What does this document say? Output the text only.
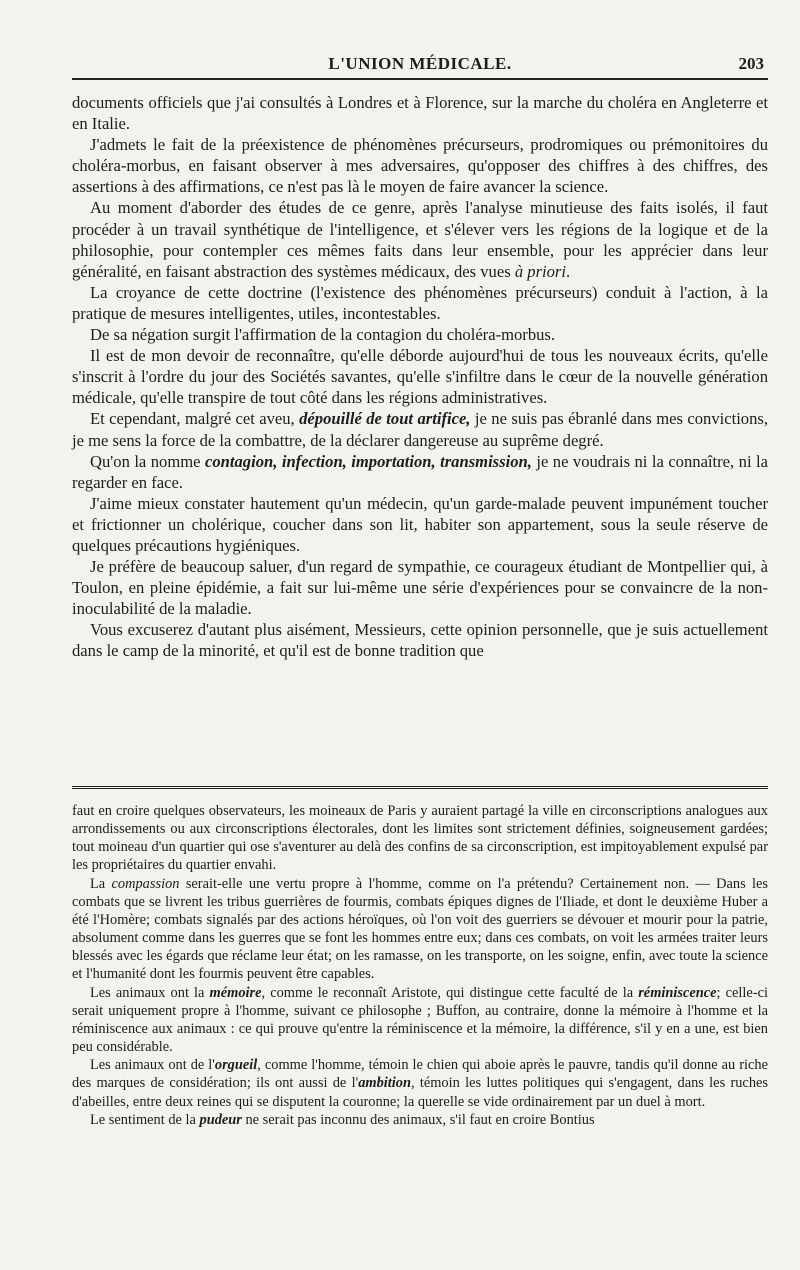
L'UNION MÉDICALE.	203

documents officiels que j'ai consultés à Londres et à Florence, sur la marche du choléra en Angleterre et en Italie.

J'admets le fait de la préexistence de phénomènes précurseurs, prodromiques ou prémonitoires du choléra-morbus, en faisant observer à mes adversaires, qu'opposer des chiffres à des chiffres, des assertions à des affirmations, ce n'est pas là le moyen de faire avancer la science.

Au moment d'aborder des études de ce genre, après l'analyse minutieuse des faits isolés, il faut procéder à un travail synthétique de l'intelligence, et s'élever vers les régions de la logique et de la philosophie, pour contempler ces mêmes faits dans leur ensemble, pour les apprécier dans leur généralité, en faisant abstraction des systèmes médicaux, des vues à priori.

La croyance de cette doctrine (l'existence des phénomènes précurseurs) conduit à l'action, à la pratique de mesures intelligentes, utiles, incontestables.

De sa négation surgit l'affirmation de la contagion du choléra-morbus.

Il est de mon devoir de reconnaître, qu'elle déborde aujourd'hui de tous les nouveaux écrits, qu'elle s'inscrit à l'ordre du jour des Sociétés savantes, qu'elle s'infiltre dans le cœur de la nouvelle génération médicale, qu'elle transpire de tout côté dans les régions administratives.

Et cependant, malgré cet aveu, dépouillé de tout artifice, je ne suis pas ébranlé dans mes convictions, je me sens la force de la combattre, de la déclarer dangereuse au suprême degré.

Qu'on la nomme contagion, infection, importation, transmission, je ne voudrais ni la connaître, ni la regarder en face.

J'aime mieux constater hautement qu'un médecin, qu'un garde-malade peuvent impunément toucher et frictionner un cholérique, coucher dans son lit, habiter son appartement, sous la seule réserve de quelques précautions hygiéniques.

Je préfère de beaucoup saluer, d'un regard de sympathie, ce courageux étudiant de Montpellier qui, à Toulon, en pleine épidémie, a fait sur lui-même une série d'expériences pour se convaincre de la non-inoculabilité de la maladie.

Vous excuserez d'autant plus aisément, Messieurs, cette opinion personnelle, que je suis actuellement dans le camp de la minorité, et qu'il est de bonne tradition que

faut en croire quelques observateurs, les moineaux de Paris y auraient partagé la ville en circonscriptions analogues aux arrondissements ou aux circonscriptions électorales, dont les limites sont strictement définies, soigneusement gardées; tout moineau d'un quartier qui ose s'aventurer au delà des confins de sa circonscription, est impitoyablement expulsé par les propriétaires du quartier envahi.

La compassion serait-elle une vertu propre à l'homme, comme on l'a prétendu? Certainement non. — Dans les combats que se livrent les tribus guerrières de fourmis, combats épiques dignes de l'Iliade, et dont le deuxième Huber a été l'Homère; combats signalés par des actions héroïques, où l'on voit des guerriers se dévouer et mourir pour la patrie, absolument comme dans les guerres que se font les hommes entre eux; dans ces combats, on voit les armées traiter leurs blessés avec les égards que réclame leur état; on les ramasse, on les transporte, on les soigne, enfin, avec toute la science et l'humanité dont les fourmis peuvent être capables.

Les animaux ont la mémoire, comme le reconnaît Aristote, qui distingue cette faculté de la réminiscence; celle-ci serait uniquement propre à l'homme, suivant ce philosophe ; Buffon, au contraire, donne la mémoire à l'homme et la réminiscence aux animaux : ce qui prouve qu'entre la réminiscence et la mémoire, la différence, s'il y en a une, est bien peu considérable.

Les animaux ont de l'orgueil, comme l'homme, témoin le chien qui aboie après le pauvre, tandis qu'il donne au riche des marques de considération; ils ont aussi de l'ambition, témoin les luttes politiques qui s'engagent, dans les ruches d'abeilles, entre deux reines qui se disputent la couronne; la querelle se vide ordinairement par un duel à mort.

Le sentiment de la pudeur ne serait pas inconnu des animaux, s'il faut en croire Bontius
